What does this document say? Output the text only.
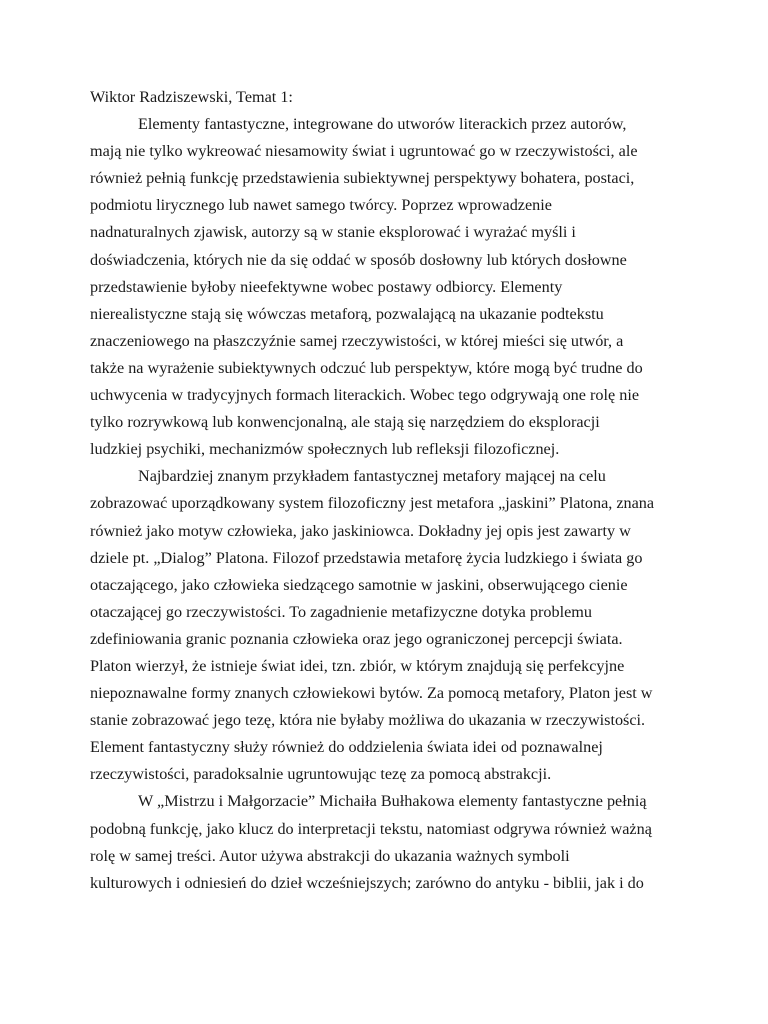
Wiktor Radziszewski, Temat 1:
Elementy fantastyczne, integrowane do utworów literackich przez autorów,
mają nie tylko wykreować niesamowity świat i ugruntować go w rzeczywistości, ale
również pełnią funkcję przedstawienia subiektywnej perspektywy bohatera, postaci,
podmiotu lirycznego lub nawet samego twórcy. Poprzez wprowadzenie
nadnaturalnych zjawisk, autorzy są w stanie eksplorować i wyrażać myśli i
doświadczenia, których nie da się oddać w sposób dosłowny lub których dosłowne
przedstawienie byłoby nieefektywne wobec postawy odbiorcy. Elementy
nierealistyczne stają się wówczas metaforą, pozwalającą na ukazanie podtekstu
znaczeniowego na płaszczyźnie samej rzeczywistości, w której mieści się utwór, a
także na wyrażenie subiektywnych odczuć lub perspektyw, które mogą być trudne do
uchwycenia w tradycyjnych formach literackich. Wobec tego odgrywają one rolę nie
tylko rozrywkową lub konwencjonalną, ale stają się narzędziem do eksploracji
ludzkiej psychiki, mechanizmów społecznych lub refleksji filozoficznej.
Najbardziej znanym przykładem fantastycznej metafory mającej na celu
zobrazować uporządkowany system filozoficzny jest metafora „jaskini” Platona, znana
również jako motyw człowieka, jako jaskiniowca. Dokładny jej opis jest zawarty w
dziele pt. „Dialog” Platona. Filozof przedstawia metaforę życia ludzkiego i świata go
otaczającego, jako człowieka siedzącego samotnie w jaskini, obserwującego cienie
otaczającej go rzeczywistości. To zagadnienie metafizyczne dotyka problemu
zdefiniowania granic poznania człowieka oraz jego ograniczonej percepcji świata.
Platon wierzył, że istnieje świat idei, tzn. zbiór, w którym znajdują się perfekcyjne
niepoznawalne formy znanych człowiekowi bytów. Za pomocą metafory, Platon jest w
stanie zobrazować jego tezę, która nie byłaby możliwa do ukazania w rzeczywistości.
Element fantastyczny służy również do oddzielenia świata idei od poznawalnej
rzeczywistości, paradoksalnie ugruntowując tezę za pomocą abstrakcji.
W „Mistrzu i Małgorzacie” Michaiła Bułhakowa elementy fantastyczne pełnią
podobną funkcję, jako klucz do interpretacji tekstu, natomiast odgrywa również ważną
rolę w samej treści. Autor używa abstrakcji do ukazania ważnych symboli
kulturowych i odniesień do dzieł wcześniejszych; zarówno do antyku - biblii, jak i do
